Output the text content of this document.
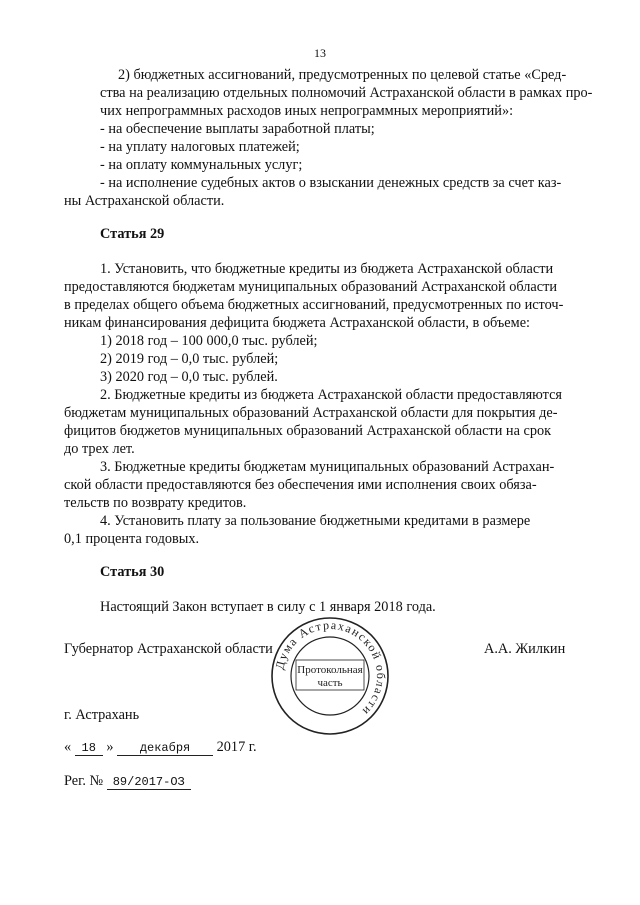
13
2) бюджетных ассигнований, предусмотренных по целевой статье «Сред-
ства на реализацию отдельных полномочий Астраханской области в рамках про-
чих непрограммных расходов иных непрограммных мероприятий»:
- на обеспечение выплаты заработной платы;
- на уплату налоговых платежей;
- на оплату коммунальных услуг;
- на исполнение судебных актов о взыскании денежных средств за счет каз-
ны Астраханской области.
Статья 29
1. Установить, что бюджетные кредиты из бюджета Астраханской области
предоставляются бюджетам муниципальных образований Астраханской области
в пределах общего объема бюджетных ассигнований, предусмотренных по источ-
никам финансирования дефицита бюджета Астраханской области, в объеме:
1) 2018 год – 100 000,0 тыс. рублей;
2) 2019 год – 0,0 тыс. рублей;
3) 2020 год – 0,0 тыс. рублей.
2. Бюджетные кредиты из бюджета Астраханской области предоставляются
бюджетам муниципальных образований Астраханской области для покрытия де-
фицитов бюджетов муниципальных образований Астраханской области на срок
до трех лет.
3. Бюджетные кредиты бюджетам муниципальных образований Астрахан-
ской области предоставляются без обеспечения ими исполнения своих обяза-
тельств по возврату кредитов.
4. Установить плату за пользование бюджетными кредитами в размере
0,1 процента годовых.
Статья 30
Настоящий Закон вступает в силу с 1 января 2018 года.
Губернатор Астраханской области	А.А. Жилкин
Дума Астраханской области
Протокольная
часть
г. Астрахань
« 18 » декабря 2017 г.
Рег. № 89/2017-ОЗ
